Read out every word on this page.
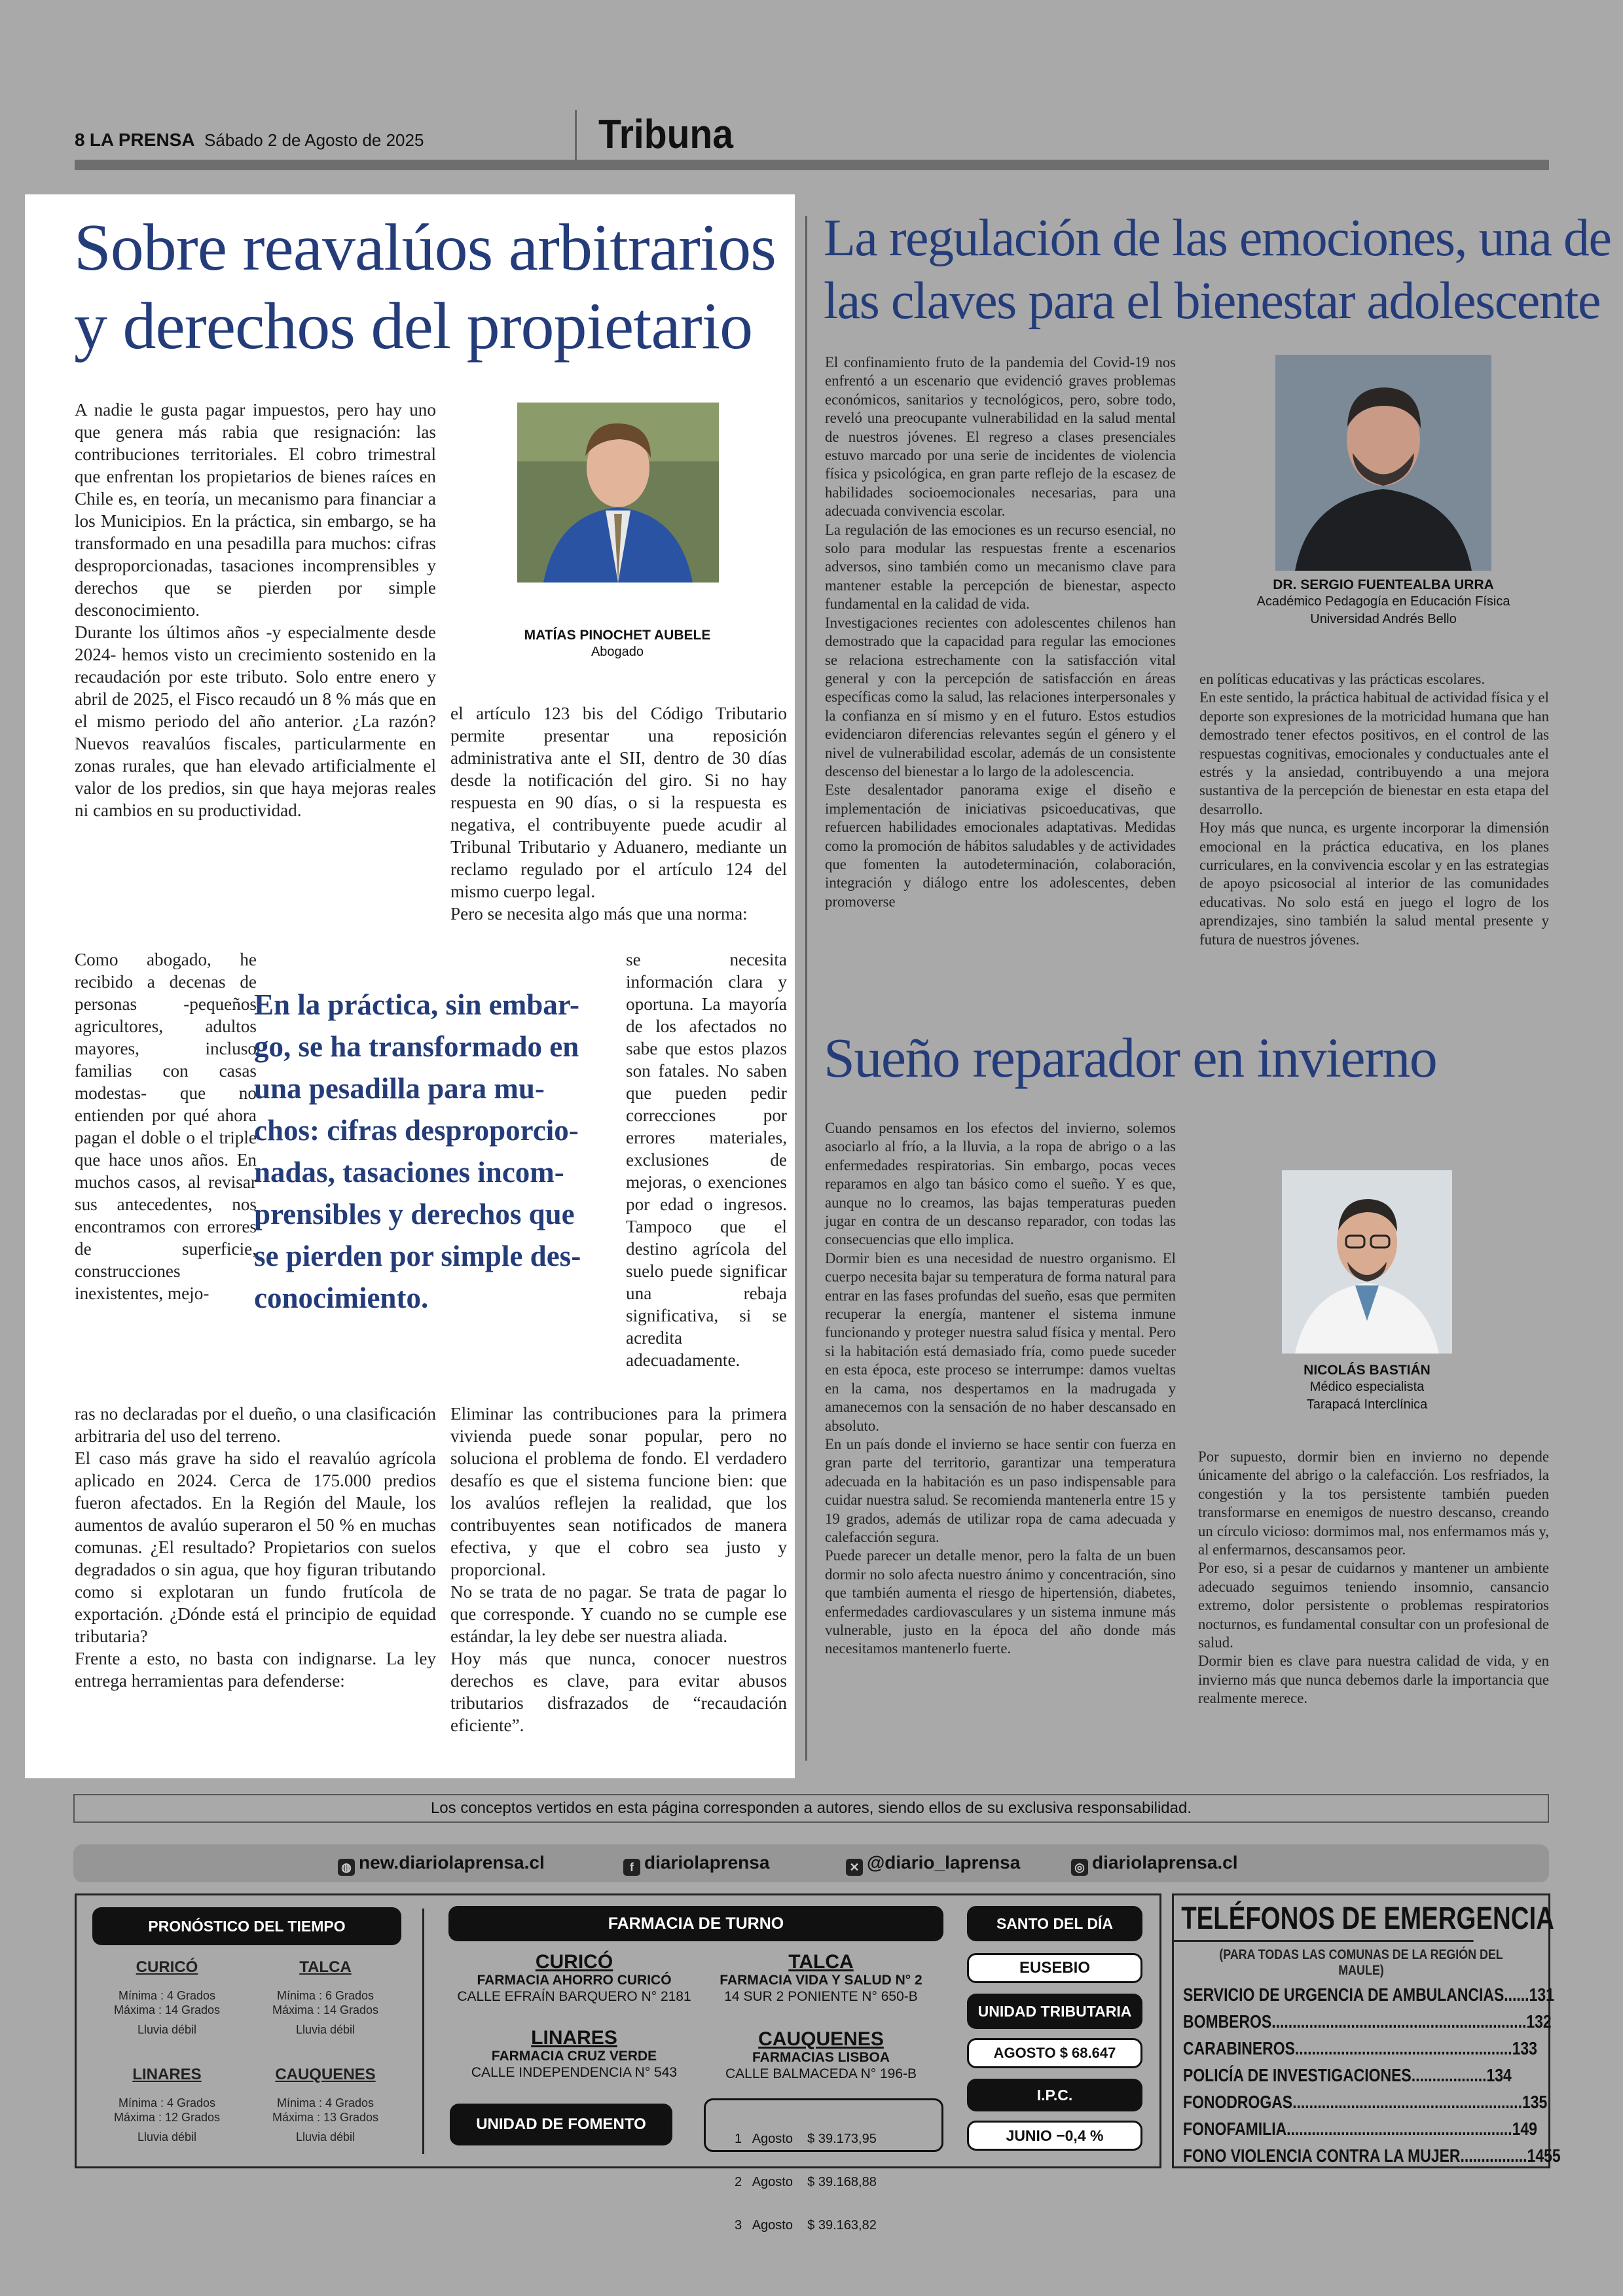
8 LA PRENSA Sábado 2 de Agosto de 2025	Tribuna
Sobre reavalúos arbitrarios
y derechos del propietario
A nadie le gusta pagar impuestos, pero hay uno que genera más rabia que resignación: las contribuciones territoriales. El cobro trimestral que enfrentan los propietarios de bienes raíces en Chile es, en teoría, un mecanismo para financiar a los Municipios. En la práctica, sin embargo, se ha transformado en una pesadilla para muchos: cifras desproporcionadas, tasaciones incomprensibles y derechos que se pierden por simple desconocimiento.
Durante los últimos años -y especialmente desde 2024- hemos visto un crecimiento sostenido en la recaudación por este tributo. Solo entre enero y abril de 2025, el Fisco recaudó un 8 % más que en el mismo periodo del año anterior. ¿La razón? Nuevos reavalúos fiscales, particularmente en zonas rurales, que han elevado artificialmente el valor de los predios, sin que haya mejoras reales ni cambios en su productividad.
MATÍAS PINOCHET AUBELE
Abogado
Como abogado, he recibido a decenas de personas -pequeños agricultores, adultos mayores, incluso familias con casas modestas- que no entienden por qué ahora pagan el doble o el triple que hace unos años. En muchos casos, al revisar sus antecedentes, nos encontramos con errores de superficie, construcciones inexistentes, mejo-
ras no declaradas por el dueño, o una clasificación arbitraria del uso del terreno.
El caso más grave ha sido el reavalúo agrícola aplicado en 2024. Cerca de 175.000 predios fueron afectados. En la Región del Maule, los aumentos de avalúo superaron el 50 % en muchas comunas. ¿El resultado? Propietarios con suelos degradados o sin agua, que hoy figuran tributando como si explotaran un fundo frutícola de exportación. ¿Dónde está el principio de equidad tributaria?
Frente a esto, no basta con indignarse. La ley entrega herramientas para defenderse:
el artículo 123 bis del Código Tributario permite presentar una reposición administrativa ante el SII, dentro de 30 días desde la notificación del giro. Si no hay respuesta en 90 días, o si la respuesta es negativa, el contribuyente puede acudir al Tribunal Tributario y Aduanero, mediante un reclamo regulado por el artículo 124 del mismo cuerpo legal.
Pero se necesita algo más que una norma:
se necesita información clara y oportuna. La mayoría de los afectados no sabe que estos plazos son fatales. No saben que pueden pedir correcciones por errores materiales, exclusiones de mejoras, o exenciones por edad o ingresos. Tampoco que el destino agrícola del suelo puede significar una rebaja significativa, si se acredita adecuadamente.
Eliminar las contribuciones para la primera vivienda puede sonar popular, pero no soluciona el problema de fondo. El verdadero desafío es que el sistema funcione bien: que los avalúos reflejen la realidad, que los contribuyentes sean notificados de manera efectiva, y que el cobro sea justo y proporcional.
No se trata de no pagar. Se trata de pagar lo que corresponde. Y cuando no se cumple ese estándar, la ley debe ser nuestra aliada.
Hoy más que nunca, conocer nuestros derechos es clave, para evitar abusos tributarios disfrazados de “recaudación eficiente”.
En la práctica, sin embar-
go, se ha transformado en
una pesadilla para mu-
chos: cifras desproporcio-
nadas, tasaciones incom-
prensibles y derechos que
se pierden por simple des-
conocimiento.
La regulación de las emociones, una de
las claves para el bienestar adolescente
El confinamiento fruto de la pandemia del Covid-19 nos enfrentó a un escenario que evidenció graves problemas económicos, sanitarios y tecnológicos, pero, sobre todo, reveló una preocupante vulnerabilidad en la salud mental de nuestros jóvenes. El regreso a clases presenciales estuvo marcado por una serie de incidentes de violencia física y psicológica, en gran parte reflejo de la escasez de habilidades socioemocionales necesarias, para una adecuada convivencia escolar.
La regulación de las emociones es un recurso esencial, no solo para modular las respuestas frente a escenarios adversos, sino también como un mecanismo clave para mantener estable la percepción de bienestar, aspecto fundamental en la calidad de vida.
Investigaciones recientes con adolescentes chilenos han demostrado que la capacidad para regular las emociones se relaciona estrechamente con la satisfacción vital general y con la percepción de satisfacción en áreas específicas como la salud, las relaciones interpersonales y la confianza en sí mismo y en el futuro. Estos estudios evidenciaron diferencias relevantes según el género y el nivel de vulnerabilidad escolar, además de un consistente descenso del bienestar a lo largo de la adolescencia.
Este desalentador panorama exige el diseño e implementación de iniciativas psicoeducativas, que refuercen habilidades emocionales adaptativas. Medidas como la promoción de hábitos saludables y de actividades que fomenten la autodeterminación, colaboración, integración y diálogo entre los adolescentes, deben promoverse
DR. SERGIO FUENTEALBA URRA
Académico Pedagogía en Educación Física
Universidad Andrés Bello
en políticas educativas y las prácticas escolares.
En este sentido, la práctica habitual de actividad física y el deporte son expresiones de la motricidad humana que han demostrado tener efectos positivos, en el control de las respuestas cognitivas, emocionales y conductuales ante el estrés y la ansiedad, contribuyendo a una mejora sustantiva de la percepción de bienestar en esta etapa del desarrollo.
Hoy más que nunca, es urgente incorporar la dimensión emocional en la práctica educativa, en los planes curriculares, en la convivencia escolar y en las estrategias de apoyo psicosocial al interior de las comunidades educativas. No solo está en juego el logro de los aprendizajes, sino también la salud mental presente y futura de nuestros jóvenes.
Sueño reparador en invierno
Cuando pensamos en los efectos del invierno, solemos asociarlo al frío, a la lluvia, a la ropa de abrigo o a las enfermedades respiratorias. Sin embargo, pocas veces reparamos en algo tan básico como el sueño. Y es que, aunque no lo creamos, las bajas temperaturas pueden jugar en contra de un descanso reparador, con todas las consecuencias que ello implica.
Dormir bien es una necesidad de nuestro organismo. El cuerpo necesita bajar su temperatura de forma natural para entrar en las fases profundas del sueño, esas que permiten recuperar la energía, mantener el sistema inmune funcionando y proteger nuestra salud física y mental. Pero si la habitación está demasiado fría, como puede suceder en esta época, este proceso se interrumpe: damos vueltas en la cama, nos despertamos en la madrugada y amanecemos con la sensación de no haber descansado en absoluto.
En un país donde el invierno se hace sentir con fuerza en gran parte del territorio, garantizar una temperatura adecuada en la habitación es un paso indispensable para cuidar nuestra salud. Se recomienda mantenerla entre 15 y 19 grados, además de utilizar ropa de cama adecuada y calefacción segura.
Puede parecer un detalle menor, pero la falta de un buen dormir no solo afecta nuestro ánimo y concentración, sino que también aumenta el riesgo de hipertensión, diabetes, enfermedades cardiovasculares y un sistema inmune más vulnerable, justo en la época del año donde más necesitamos mantenerlo fuerte.
NICOLÁS BASTIÁN
Médico especialista
Tarapacá Interclínica
Por supuesto, dormir bien en invierno no depende únicamente del abrigo o la calefacción. Los resfriados, la congestión y la tos persistente también pueden transformarse en enemigos de nuestro descanso, creando un círculo vicioso: dormimos mal, nos enfermamos más y, al enfermarnos, descansamos peor.
Por eso, si a pesar de cuidarnos y mantener un ambiente adecuado seguimos teniendo insomnio, cansancio extremo, dolor persistente o problemas respiratorios nocturnos, es fundamental consultar con un profesional de salud.
Dormir bien es clave para nuestra calidad de vida, y en invierno más que nunca debemos darle la importancia que realmente merece.
Los conceptos vertidos en esta página corresponden a autores, siendo ellos de su exclusiva responsabilidad.
◍ new.diariolaprensa.cl	f diariolaprensa	✕ @diario_laprensa	◎ diariolaprensa.cl
PRONÓSTICO DEL TIEMPO
CURICÓ
Mínima : 4 Grados
Máxima : 14 Grados
Lluvia débil
TALCA
Mínima : 6 Grados
Máxima : 14 Grados
Lluvia débil
LINARES
Mínima : 4 Grados
Máxima : 12 Grados
Lluvia débil
CAUQUENES
Mínima : 4 Grados
Máxima : 13 Grados
Lluvia débil
FARMACIA DE TURNO
CURICÓ
FARMACIA AHORRO CURICÓ
CALLE EFRAÍN BARQUERO N° 2181
TALCA
FARMACIA VIDA Y SALUD N° 2
14 SUR 2 PONIENTE N° 650-B
LINARES
FARMACIA CRUZ VERDE
CALLE INDEPENDENCIA N° 543
CAUQUENES
FARMACIAS LISBOA
CALLE BALMACEDA N° 196-B
UNIDAD DE FOMENTO

1   Agosto    $ 39.173,95

2   Agosto    $ 39.168,88

3   Agosto    $ 39.163,82

SANTO DEL DÍA
EUSEBIO
UNIDAD TRIBUTARIA
AGOSTO $ 68.647
I.P.C.
JUNIO −0,4 %
TELÉFONOS DE EMERGENCIA
(PARA TODAS LAS COMUNAS DE LA REGIÓN DEL MAULE)
SERVICIO DE URGENCIA DE AMBULANCIAS......131
BOMBEROS.............................................................132
CARABINEROS....................................................133
POLICÍA DE INVESTIGACIONES..................134
FONODROGAS.......................................................135
FONOFAMILIA......................................................149
FONO VIOLENCIA CONTRA LA MUJER................1455
